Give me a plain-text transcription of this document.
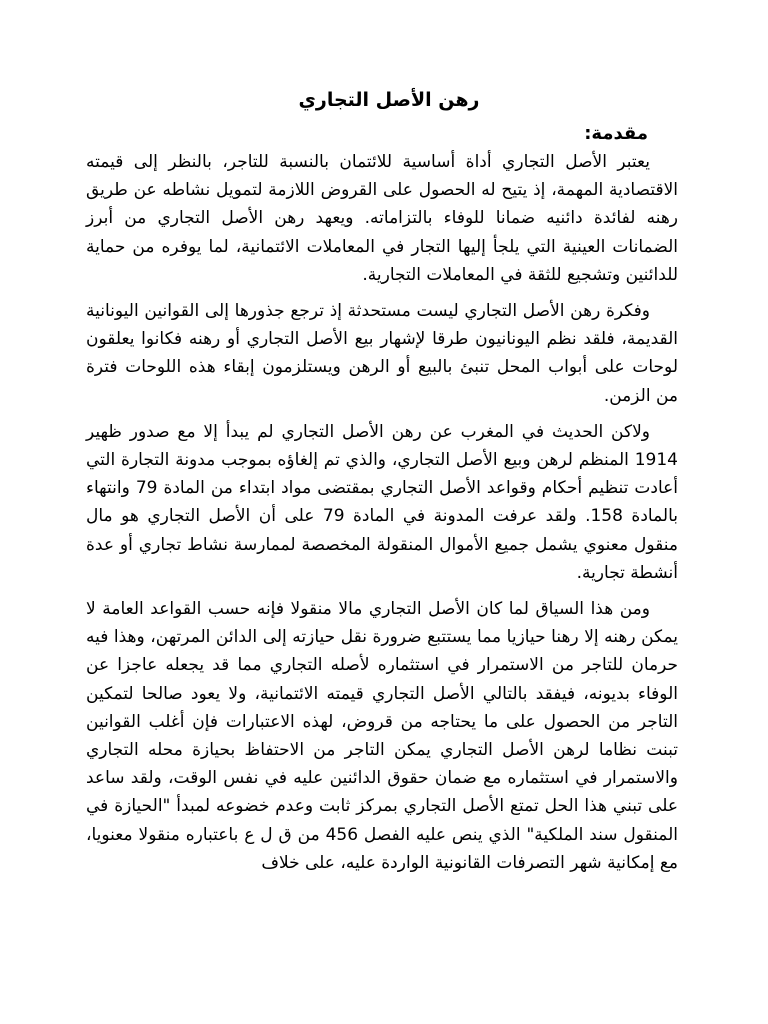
رهن الأصل التجاري
مقدمة:

يعتبر الأصل التجاري أداة أساسية للائتمان بالنسبة للتاجر، بالنظر إلى قيمته الاقتصادية المهمة، إذ يتيح له الحصول على القروض اللازمة لتمويل نشاطه عن طريق رهنه لفائدة دائنيه ضمانا للوفاء بالتزاماته. ويعهد رهن الأصل التجاري من أبرز الضمانات العينية التي يلجأ إليها التجار في المعاملات الائتمانية، لما يوفره من حماية للدائنين وتشجيع للثقة في المعاملات التجارية.

وفكرة رهن الأصل التجاري ليست مستحدثة إذ ترجع جذورها إلى القوانين اليونانية القديمة، فلقد نظم اليونانيون طرقا لإشهار بيع الأصل التجاري أو رهنه فكانوا يعلقون لوحات على أبواب المحل تنبئ بالبيع أو الرهن ويستلزمون إبقاء هذه اللوحات فترة من الزمن.

ولاكن الحديث في المغرب عن رهن الأصل التجاري لم يبدأ إلا مع صدور ظهير 1914 المنظم لرهن وبيع الأصل التجاري، والذي تم إلغاؤه بموجب مدونة التجارة التي أعادت تنظيم أحكام وقواعد الأصل التجاري بمقتضى مواد ابتداء من المادة 79 وانتهاء بالمادة 158. ولقد عرفت المدونة في المادة 79 على أن الأصل التجاري هو مال منقول معنوي يشمل جميع الأموال المنقولة المخصصة لممارسة نشاط تجاري أو عدة أنشطة تجارية.

ومن هذا السياق لما كان الأصل التجاري مالا منقولا فإنه حسب القواعد العامة لا يمكن رهنه إلا رهنا حيازيا مما يستتبع ضرورة نقل حيازته إلى الدائن المرتهن، وهذا فيه حرمان للتاجر من الاستمرار في استثماره لأصله التجاري مما قد يجعله عاجزا عن الوفاء بديونه، فيفقد بالتالي الأصل التجاري قيمته الائتمانية، ولا يعود صالحا لتمكين التاجر من الحصول على ما يحتاجه من قروض، لهذه الاعتبارات فإن أغلب القوانين تبنت نظاما لرهن الأصل التجاري يمكن التاجر من الاحتفاظ بحيازة محله التجاري والاستمرار في استثماره مع ضمان حقوق الدائنين عليه في نفس الوقت، ولقد ساعد على تبني هذا الحل تمتع الأصل التجاري بمركز ثابت وعدم خضوعه لمبدأ "الحيازة في المنقول سند الملكية" الذي ينص عليه الفصل 456 من ق ل ع باعتباره منقولا معنويا، مع إمكانية شهر التصرفات القانونية الواردة عليه، على خلاف
